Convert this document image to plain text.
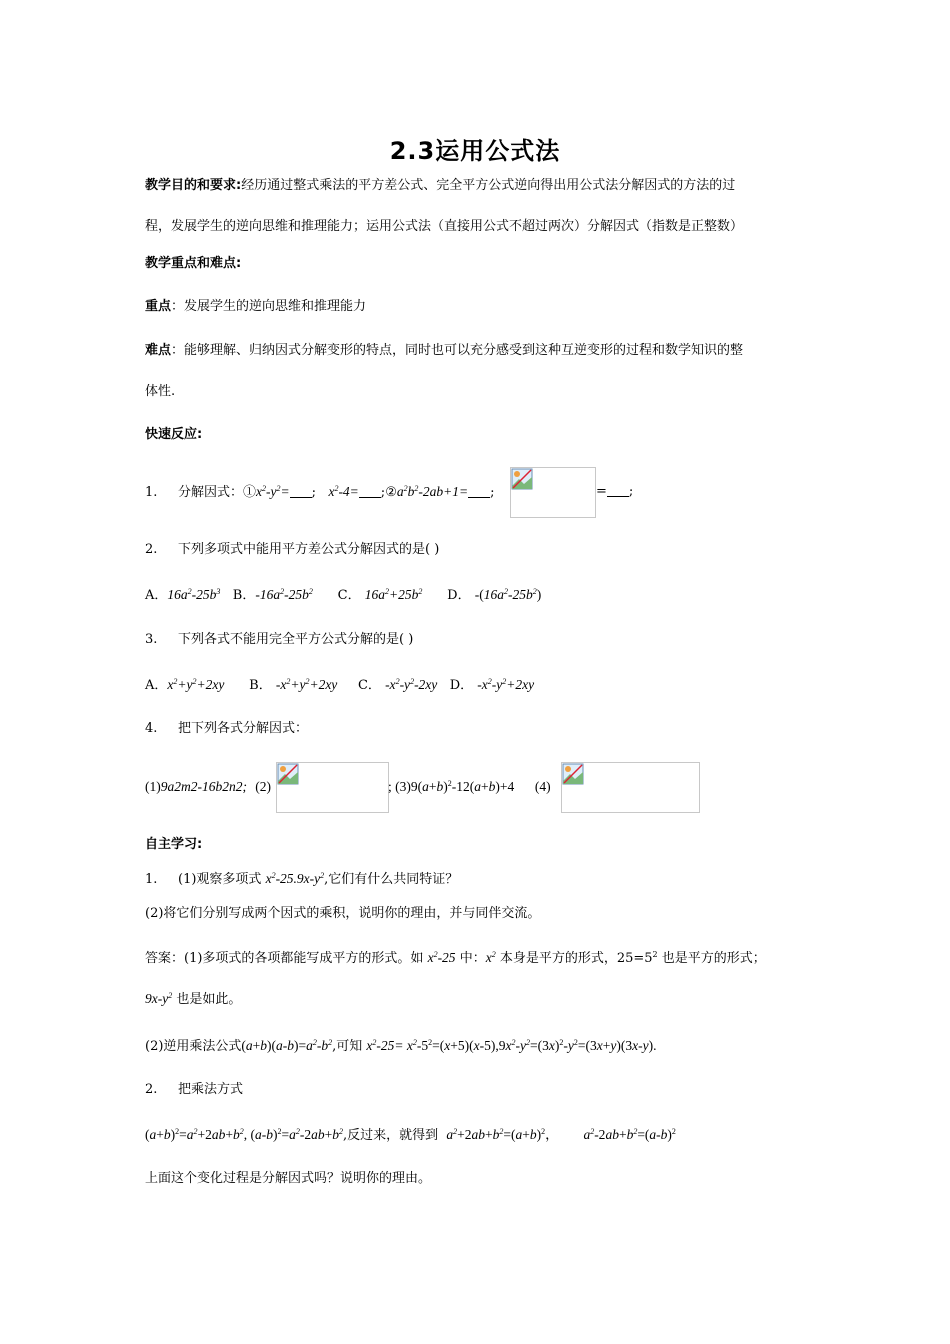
2.3运用公式法
教学目的和要求:经历通过整式乘法的平方差公式、完全平方公式逆向得出用公式法分解因式的方法的过
程，发展学生的逆向思维和推理能力；运用公式法（直接用公式不超过两次）分解因式（指数是正整数）
教学重点和难点:
重点：发展学生的逆向思维和推理能力
难点：能够理解、归纳因式分解变形的特点，同时也可以充分感受到这种互逆变形的过程和数学知识的整
体性.
快速反应:
1. 分解因式：$①x^2-y^2=$ ; $x^2-4=$ $;②a^2b^2-2ab+1=$ ;	= ;
2. 下列多项式中能用平方差公式分解因式的是( )
A．$16a^2-25b^3$ B．$-16a^2-25b^2$ C． $16a^2+25b^2$ D． $-(16a^2-25b^2)$
3. 下列各式不能用完全平方公式分解的是( )
A．$x^2+y^2+2xy$ B． $-x^2+y^2+2xy$ C． $-x^2-y^2-2xy$ D． $-x^2-y^2+2xy$
4. 把下列各式分解因式：
(1)9a2m2-16b2n2; (2)	; $(3)9(a+b)^2-12(a+b)+4$ (4)
自主学习:
1. (1)观察多项式 $x^2-25.9x-y^2$,它们有什么共同特证？
(2)将它们分别写成两个因式的乘积，说明你的理由，并与同伴交流。
答案：(1)多项式的各项都能写成平方的形式。如 $x^2-25$ 中：$x^2$ 本身是平方的形式，$25=5^2$ 也是平方的形式；
$9x-y^2$ 也是如此。
(2)逆用乘法公式$(a+b)(a-b)=a^2-b^2$,可知 $x^2-25= x^2-5^2=(x+5)(x-5),9x^2-y^2=(3x)^2-y^2=(3x+y)(3x-y)$.
2. 把乘法方式
$(a+b)^2=a^2+2ab+b^2$, $(a-b)^2=a^2-2ab+b^2$,反过来，就得到  $a^2+2ab+b^2=(a+b)^2$， $a^2-2ab+b^2=(a-b)^2$
上面这个变化过程是分解因式吗？说明你的理由。
